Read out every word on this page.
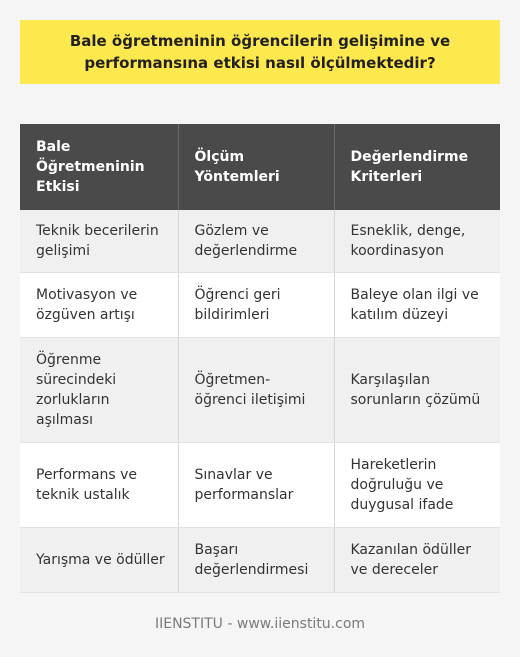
Bale öğretmeninin öğrencilerin gelişimine ve performansına etkisi nasıl ölçülmektedir?
Bale Öğretmeninin Etkisi	Ölçüm Yöntemleri	Değerlendirme Kriterleri
Teknik becerilerin gelişimi	Gözlem ve değerlendirme	Esneklik, denge, koordinasyon
Motivasyon ve özgüven artışı	Öğrenci geri bildirimleri	Baleye olan ilgi ve katılım düzeyi
Öğrenme sürecindeki zorlukların aşılması	Öğretmen-öğrenci iletişimi	Karşılaşılan sorunların çözümü
Performans ve teknik ustalık	Sınavlar ve performanslar	Hareketlerin doğruluğu ve duygusal ifade
Yarışma ve ödüller	Başarı değerlendirmesi	Kazanılan ödüller ve dereceler
IIENSTITU - www.iienstitu.com
